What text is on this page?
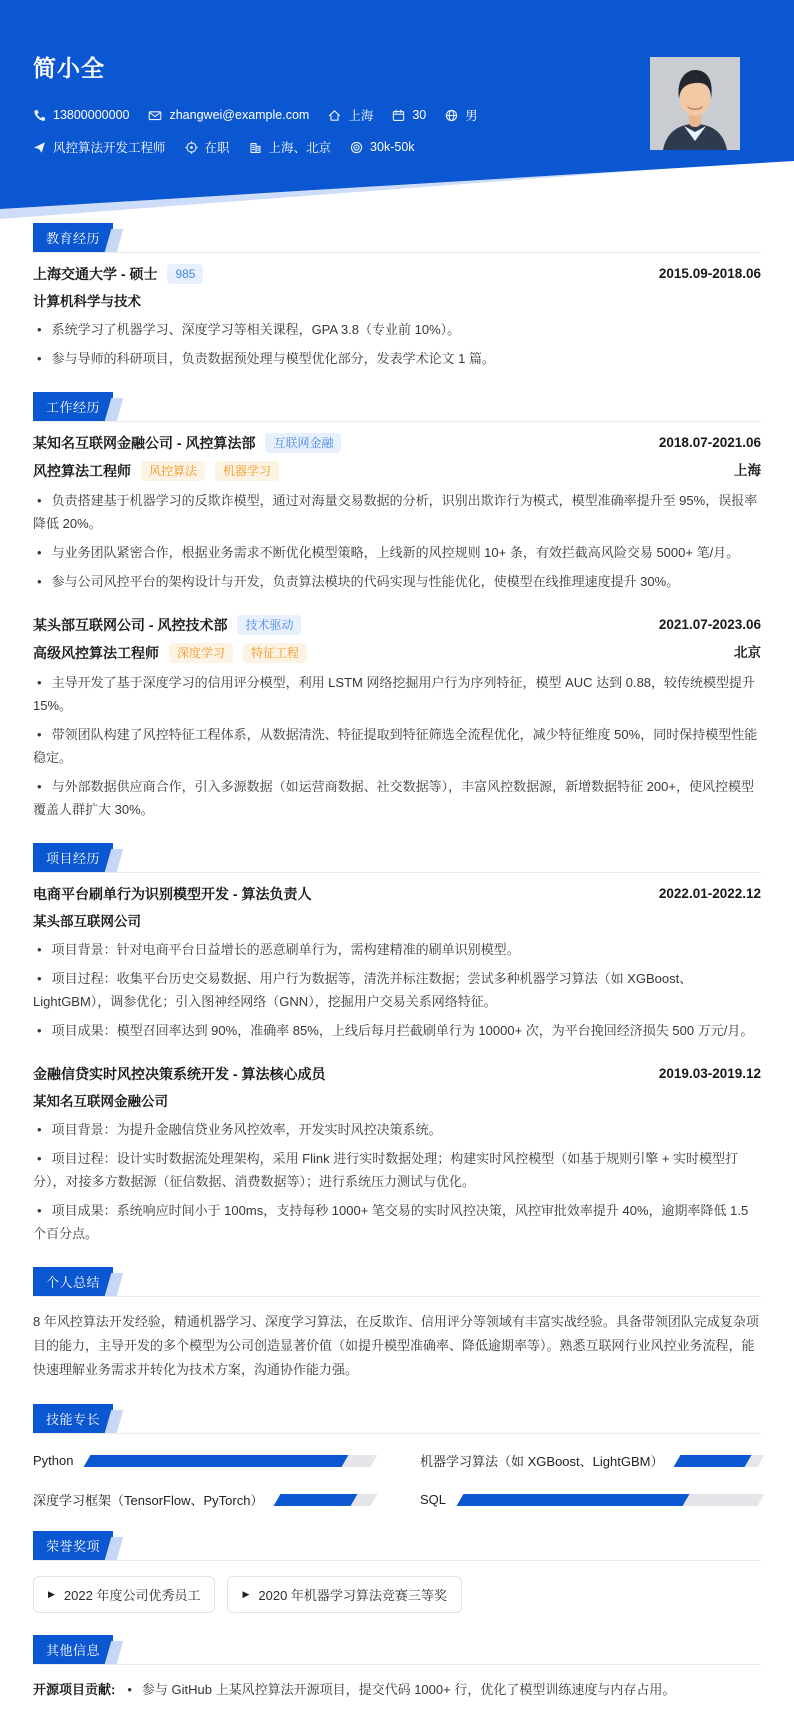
简小全
13800000000	zhangwei@example.com	上海	30	男
风控算法开发工程师	在职	上海、北京	30k-50k
教育经历
上海交通大学 - 硕士	985	2015.09-2018.06
计算机科学与技术

• 系统学习了机器学习、深度学习等相关课程，GPA 3.8（专业前 10%）。

• 参与导师的科研项目，负责数据预处理与模型优化部分，发表学术论文 1 篇。

工作经历
某知名互联网金融公司 - 风控算法部	互联网金融	2018.07-2021.06
风控算法工程师	风控算法	机器学习	上海

• 负责搭建基于机器学习的反欺诈模型，通过对海量交易数据的分析，识别出欺诈行为模式，模型准确率提升至 95%，误报率降低 20%。

• 与业务团队紧密合作，根据业务需求不断优化模型策略，上线新的风控规则 10+ 条，有效拦截高风险交易 5000+ 笔/月。

• 参与公司风控平台的架构设计与开发，负责算法模块的代码实现与性能优化，使模型在线推理速度提升 30%。

某头部互联网公司 - 风控技术部	技术驱动	2021.07-2023.06
高级风控算法工程师	深度学习	特征工程	北京

• 主导开发了基于深度学习的信用评分模型，利用 LSTM 网络挖掘用户行为序列特征，模型 AUC 达到 0.88，较传统模型提升 15%。

• 带领团队构建了风控特征工程体系，从数据清洗、特征提取到特征筛选全流程优化，减少特征维度 50%，同时保持模型性能稳定。

• 与外部数据供应商合作，引入多源数据（如运营商数据、社交数据等），丰富风控数据源，新增数据特征 200+，使风控模型覆盖人群扩大 30%。

项目经历
电商平台刷单行为识别模型开发 - 算法负责人	2022.01-2022.12
某头部互联网公司

• 项目背景：针对电商平台日益增长的恶意刷单行为，需构建精准的刷单识别模型。

• 项目过程：收集平台历史交易数据、用户行为数据等，清洗并标注数据；尝试多种机器学习算法（如 XGBoost、LightGBM），调参优化；引入图神经网络（GNN），挖掘用户交易关系网络特征。

• 项目成果：模型召回率达到 90%，准确率 85%，上线后每月拦截刷单行为 10000+ 次，为平台挽回经济损失 500 万元/月。

金融信贷实时风控决策系统开发 - 算法核心成员	2019.03-2019.12
某知名互联网金融公司

• 项目背景：为提升金融信贷业务风控效率，开发实时风控决策系统。

• 项目过程：设计实时数据流处理架构，采用 Flink 进行实时数据处理；构建实时风控模型（如基于规则引擎 + 实时模型打分），对接多方数据源（征信数据、消费数据等）；进行系统压力测试与优化。

• 项目成果：系统响应时间小于 100ms，支持每秒 1000+ 笔交易的实时风控决策，风控审批效率提升 40%，逾期率降低 1.5 个百分点。

个人总结

8 年风控算法开发经验，精通机器学习、深度学习算法，在反欺诈、信用评分等领域有丰富实战经验。具备带领团队完成复杂项目的能力，主导开发的多个模型为公司创造显著价值（如提升模型准确率、降低逾期率等）。熟悉互联网行业风控业务流程，能快速理解业务需求并转化为技术方案，沟通协作能力强。

技能专长
Python	机器学习算法（如 XGBoost、LightGBM）
深度学习框架（TensorFlow、PyTorch）	SQL
荣誉奖项
▶ 2022 年度公司优秀员工	▶ 2020 年机器学习算法竞赛三等奖
其他信息

开源项目贡献: • 参与 GitHub 上某风控算法开源项目，提交代码 1000+ 行，优化了模型训练速度与内存占用。
